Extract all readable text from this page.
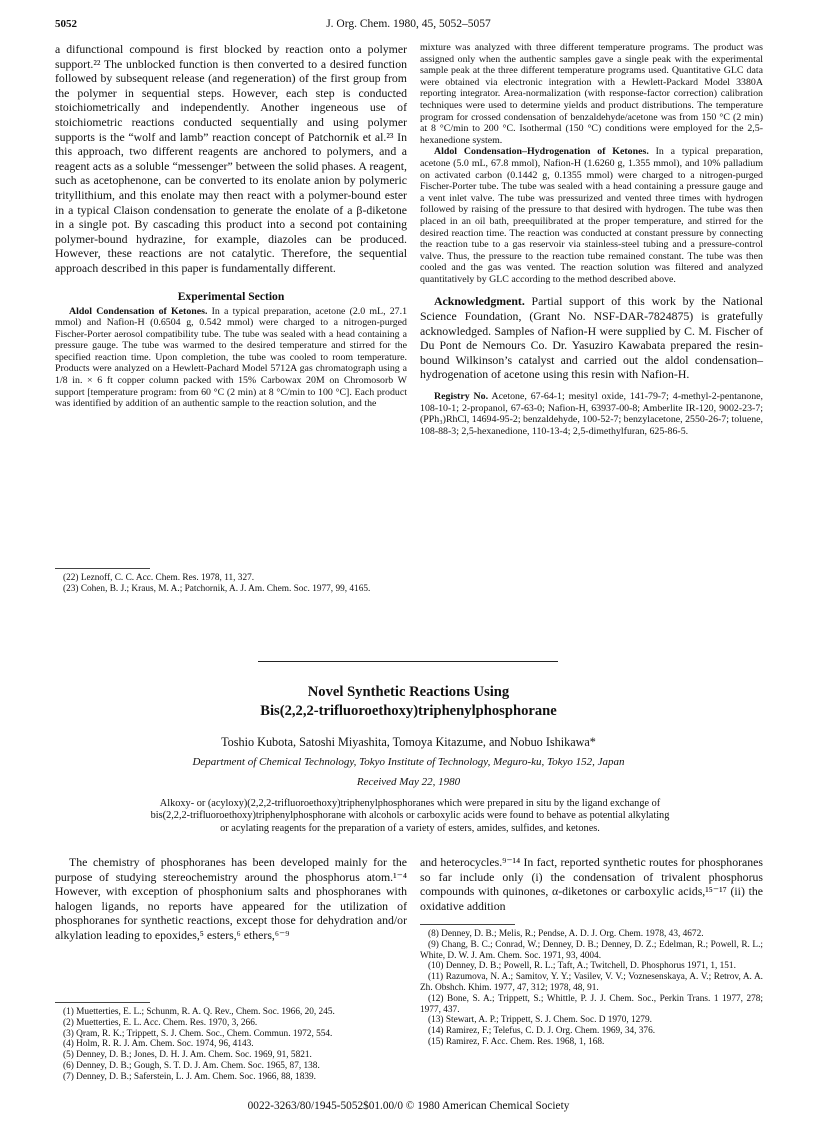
5052	J. Org. Chem. 1980, 45, 5052–5057

a difunctional compound is first blocked by reaction onto a polymer support.²² The unblocked function is then converted to a desired function followed by subsequent release (and regeneration) of the first group from the polymer in sequential steps. However, each step is conducted stoichiometrically and independently. Another ingeneous use of stoichiometric reactions conducted sequentially and using polymer supports is the “wolf and lamb” reaction concept of Patchornik et al.²³ In this approach, two different reagents are anchored to polymers, and a reagent acts as a soluble “messenger” between the solid phases. A reagent, such as acetophenone, can be converted to its enolate anion by polymeric trityllithium, and this enolate may then react with a polymer-bound ester in a typical Claison condensation to generate the enolate of a β-diketone in a single pot. By cascading this product into a second pot containing polymer-bound hydrazine, for example, diazoles can be produced. However, these reactions are not catalytic. Therefore, the sequential approach described in this paper is fundamentally different.

Experimental Section

Aldol Condensation of Ketones. In a typical preparation, acetone (2.0 mL, 27.1 mmol) and Nafion-H (0.6504 g, 0.542 mmol) were charged to a nitrogen-purged Fischer-Porter aerosol compatibility tube. The tube was sealed with a head containing a pressure gauge. The tube was warmed to the desired temperature and stirred for the specified reaction time. Upon completion, the tube was cooled to room temperature. Products were analyzed on a Hewlett-Pachard Model 5712A gas chromatograph using a 1/8 in. × 6 ft copper column packed with 15% Carbowax 20M on Chromosorb W support [temperature program: from 60 °C (2 min) at 8 °C/min to 100 °C]. Each product was identified by addition of an authentic sample to the reaction solution, and the

(22) Leznoff, C. C. Acc. Chem. Res. 1978, 11, 327.
(23) Cohen, B. J.; Kraus, M. A.; Patchornik, A. J. Am. Chem. Soc. 1977, 99, 4165.

mixture was analyzed with three different temperature programs. The product was assigned only when the authentic samples gave a single peak with the experimental sample peak at the three different temperature programs used. Quantitative GLC data were obtained via electronic integration with a Hewlett-Packard Model 3380A reporting integrator. Area-normalization (with response-factor correction) calibration techniques were used to determine yields and product distributions. The temperature program for crossed condensation of benzaldehyde/acetone was from 150 °C (2 min) at 8 °C/min to 200 °C. Isothermal (150 °C) conditions were employed for the 2,5-hexanedione system.

Aldol Condensation–Hydrogenation of Ketones. In a typical preparation, acetone (5.0 mL, 67.8 mmol), Nafion-H (1.6260 g, 1.355 mmol), and 10% palladium on activated carbon (0.1442 g, 0.1355 mmol) were charged to a nitrogen-purged Fischer-Porter tube. The tube was sealed with a head containing a pressure gauge and a vent inlet valve. The tube was pressurized and vented three times with hydrogen followed by raising of the pressure to that desired with hydrogen. The tube was then placed in an oil bath, preequilibrated at the proper temperature, and stirred for the desired reaction time. The reaction was conducted at constant pressure by connecting the reaction tube to a gas reservoir via stainless-steel tubing and a pressure-control valve. Thus, the pressure to the reaction tube remained constant. The tube was then cooled and the gas was vented. The reaction solution was filtered and analyzed quantitatively by GLC according to the method described above.

Acknowledgment. Partial support of this work by the National Science Foundation, (Grant No. NSF-DAR-7824875) is gratefully acknowledged. Samples of Nafion-H were supplied by C. M. Fischer of Du Pont de Nemours Co. Dr. Yasuziro Kawabata prepared the resin-bound Wilkinson’s catalyst and carried out the aldol condensation–hydrogenation of acetone using this resin with Nafion-H.

Registry No. Acetone, 67-64-1; mesityl oxide, 141-79-7; 4-methyl-2-pentanone, 108-10-1; 2-propanol, 67-63-0; Nafion-H, 63937-00-8; Amberlite IR-120, 9002-23-7; (PPh₃)RhCl, 14694-95-2; benzaldehyde, 100-52-7; benzylacetone, 2550-26-7; toluene, 108-88-3; 2,5-hexanedione, 110-13-4; 2,5-dimethylfuran, 625-86-5.

Novel Synthetic Reactions Using
Bis(2,2,2-trifluoroethoxy)triphenylphosphorane
Toshio Kubota, Satoshi Miyashita, Tomoya Kitazume, and Nobuo Ishikawa*
Department of Chemical Technology, Tokyo Institute of Technology, Meguro-ku, Tokyo 152, Japan
Received May 22, 1980
Alkoxy- or (acyloxy)(2,2,2-trifluoroethoxy)triphenylphosphoranes which were prepared in situ by the ligand exchange of bis(2,2,2-trifluoroethoxy)triphenylphosphorane with alcohols or carboxylic acids were found to behave as potential alkylating or acylating reagents for the preparation of a variety of esters, amides, sulfides, and ketones.

The chemistry of phosphoranes has been developed mainly for the purpose of studying stereochemistry around the phosphorus atom.¹⁻⁴ However, with exception of phosphonium salts and phosphoranes with halogen ligands, no reports have appeared for the utilization of phosphoranes for synthetic reactions, except those for dehydration and/or alkylation leading to epoxides,⁵ esters,⁶ ethers,⁶⁻⁹

(1) Muetterties, E. L.; Schunm, R. A. Q. Rev., Chem. Soc. 1966, 20, 245.
(2) Muetterties, E. L. Acc. Chem. Res. 1970, 3, 266.
(3) Qram, R. K.; Trippett, S. J. Chem. Soc., Chem. Commun. 1972, 554.
(4) Holm, R. R. J. Am. Chem. Soc. 1974, 96, 4143.
(5) Denney, D. B.; Jones, D. H. J. Am. Chem. Soc. 1969, 91, 5821.
(6) Denney, D. B.; Gough, S. T. D. J. Am. Chem. Soc. 1965, 87, 138.
(7) Denney, D. B.; Saferstein, L. J. Am. Chem. Soc. 1966, 88, 1839.

and heterocycles.⁹⁻¹⁴ In fact, reported synthetic routes for phosphoranes so far include only (i) the condensation of trivalent phosphorus compounds with quinones, α-diketones or carboxylic acids,¹⁵⁻¹⁷ (ii) the oxidative addition

(8) Denney, D. B.; Melis, R.; Pendse, A. D. J. Org. Chem. 1978, 43, 4672.
(9) Chang, B. C.; Conrad, W.; Denney, D. B.; Denney, D. Z.; Edelman, R.; Powell, R. L.; White, D. W. J. Am. Chem. Soc. 1971, 93, 4004.
(10) Denney, D. B.; Powell, R. L.; Taft, A.; Twitchell, D. Phosphorus 1971, 1, 151.
(11) Razumova, N. A.; Samitov, Y. Y.; Vasilev, V. V.; Voznesenskaya, A. V.; Retrov, A. A. Zh. Obshch. Khim. 1977, 47, 312; 1978, 48, 91.
(12) Bone, S. A.; Trippett, S.; Whittle, P. J. J. Chem. Soc., Perkin Trans. 1 1977, 278; 1977, 437.
(13) Stewart, A. P.; Trippett, S. J. Chem. Soc. D 1970, 1279.
(14) Ramirez, F.; Telefus, C. D. J. Org. Chem. 1969, 34, 376.
(15) Ramirez, F. Acc. Chem. Res. 1968, 1, 168.
0022-3263/80/1945-5052$01.00/0 © 1980 American Chemical Society
